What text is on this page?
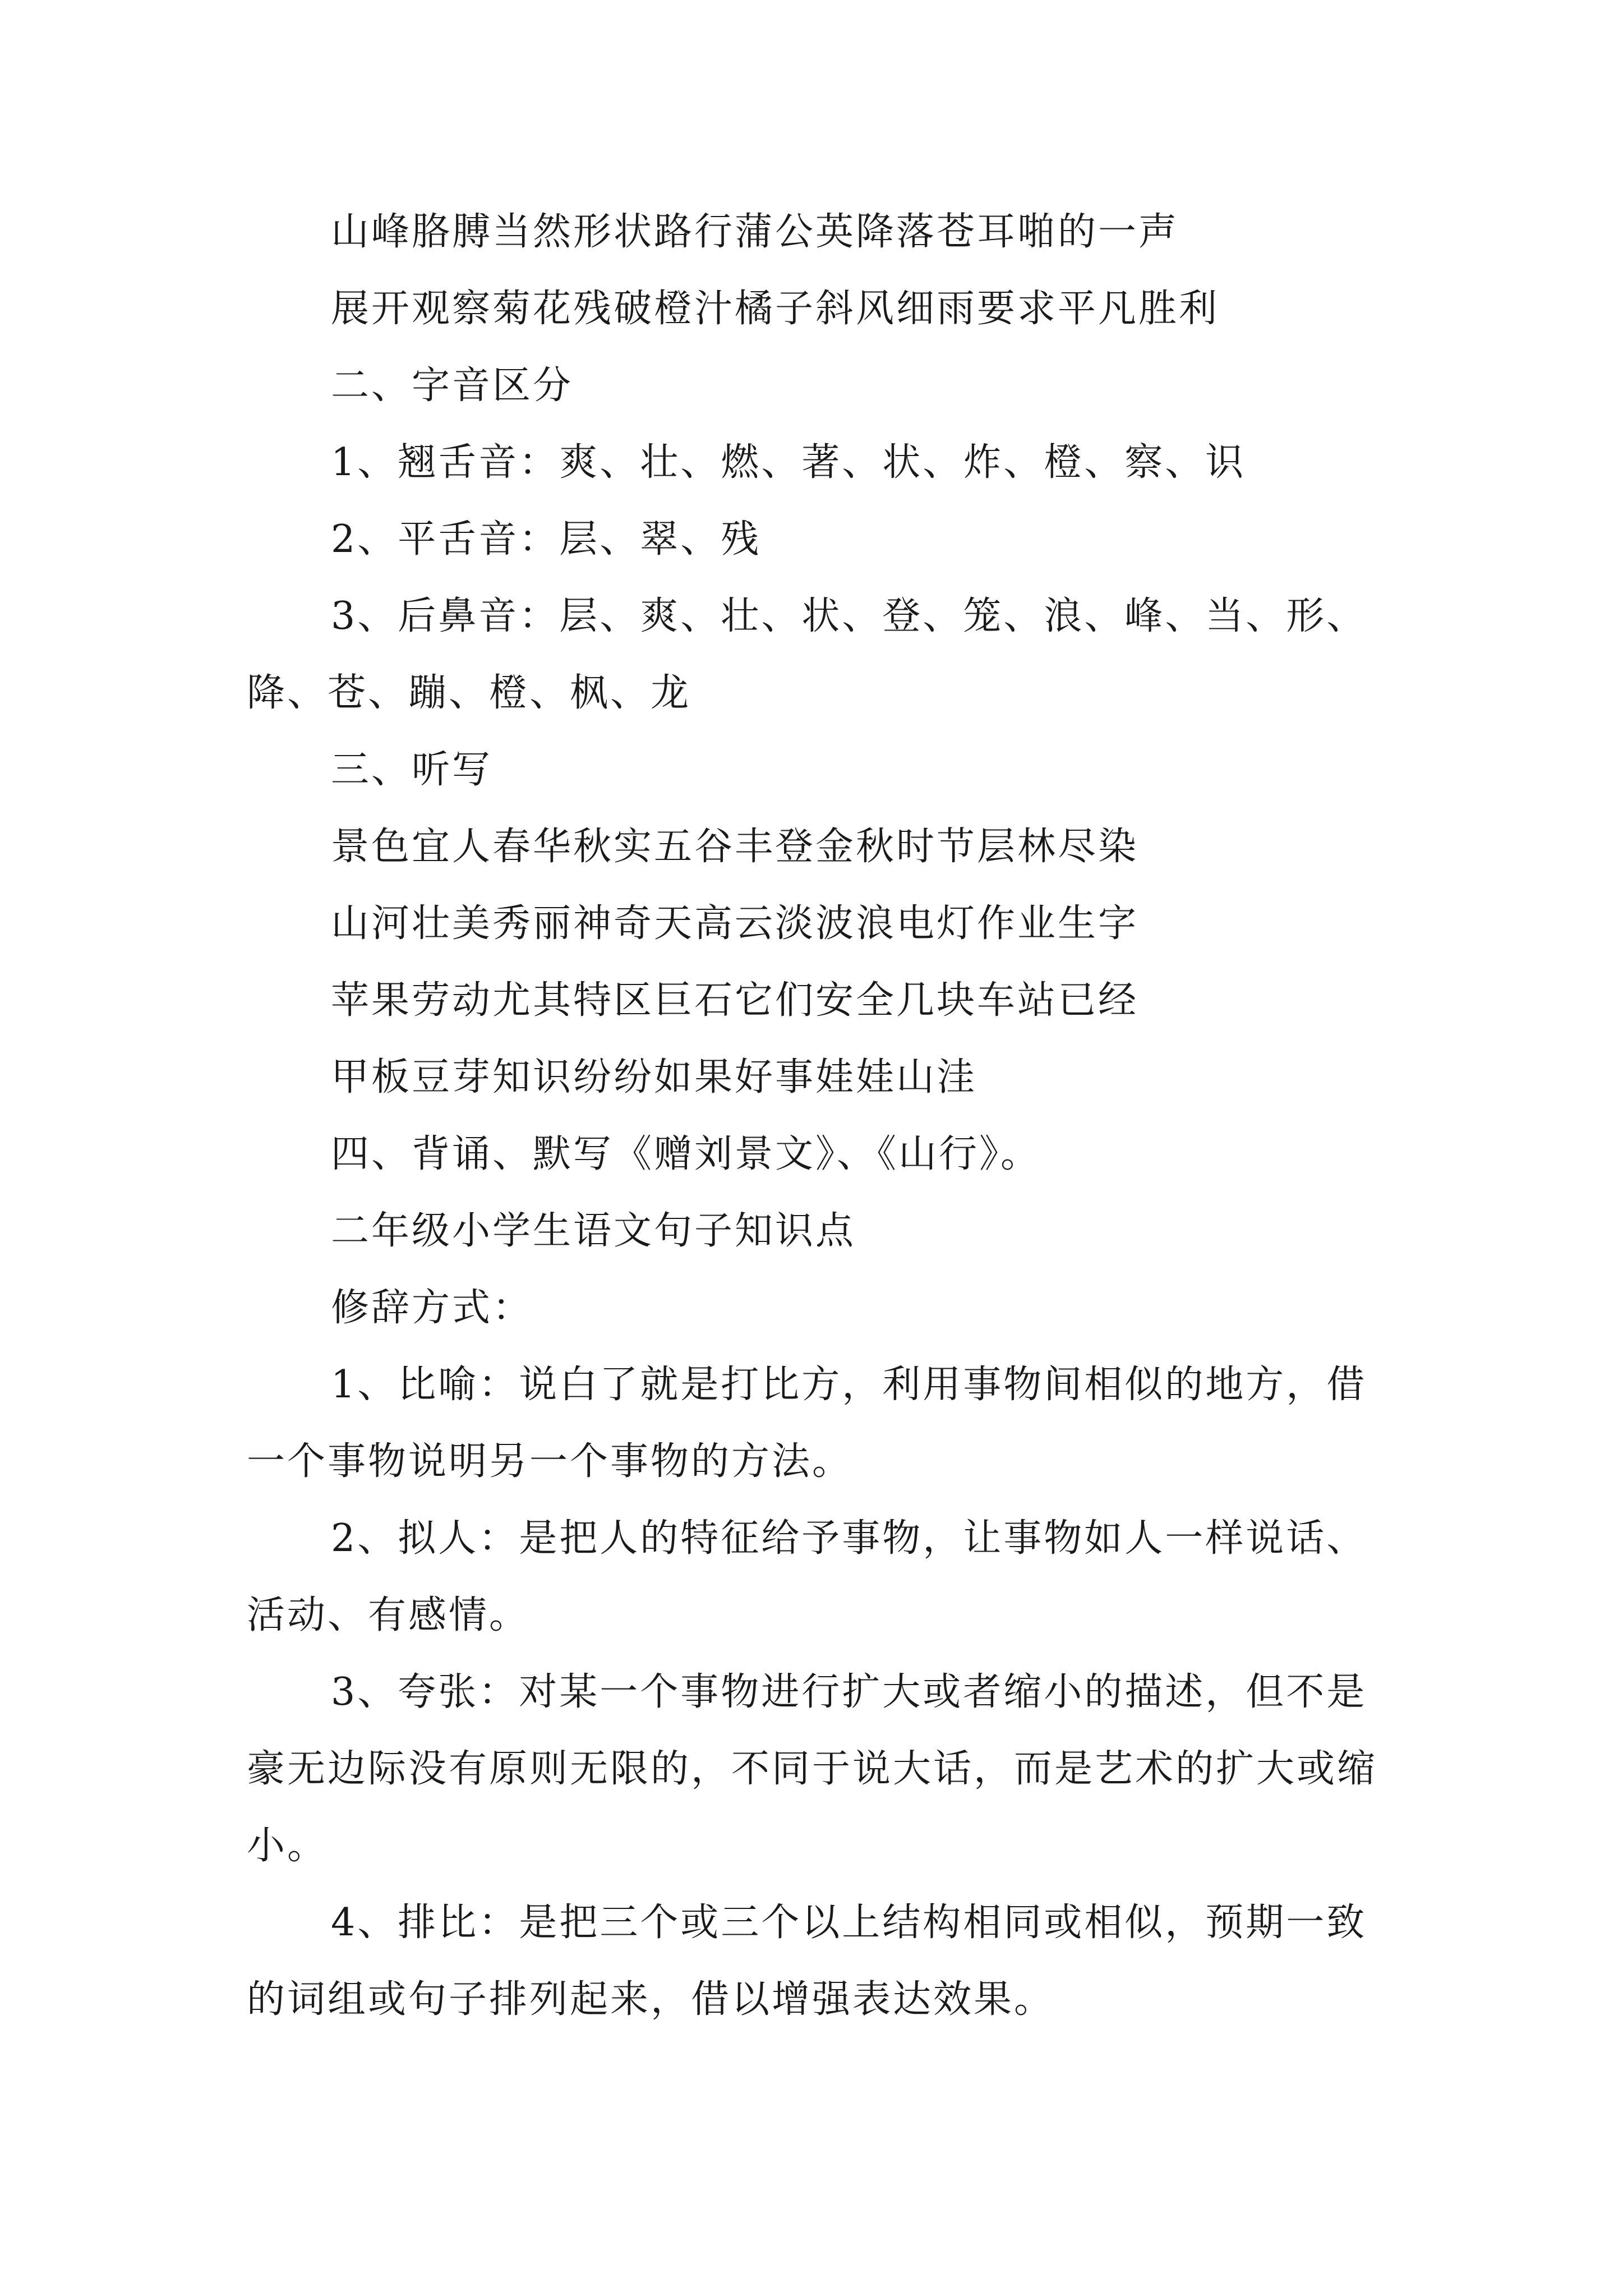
山峰胳膊当然形状路行蒲公英降落苍耳啪的一声

展开观察菊花残破橙汁橘子斜风细雨要求平凡胜利

二、字音区分

1、翘舌音：爽、壮、燃、著、状、炸、橙、察、识

2、平舌音：层、翠、残

3、后鼻音：层、爽、壮、状、登、笼、浪、峰、当、形、降、苍、蹦、橙、枫、龙

三、听写

景色宜人春华秋实五谷丰登金秋时节层林尽染

山河壮美秀丽神奇天高云淡波浪电灯作业生字

苹果劳动尤其特区巨石它们安全几块车站已经

甲板豆芽知识纷纷如果好事娃娃山洼

四、背诵、默写《赠刘景文》、《山行》。

二年级小学生语文句子知识点

修辞方式：

1、比喻：说白了就是打比方，利用事物间相似的地方，借一个事物说明另一个事物的方法。

2、拟人：是把人的特征给予事物，让事物如人一样说话、活动、有感情。

3、夸张：对某一个事物进行扩大或者缩小的描述，但不是豪无边际没有原则无限的，不同于说大话，而是艺术的扩大或缩小。

4、排比：是把三个或三个以上结构相同或相似，预期一致的词组或句子排列起来，借以增强表达效果。
